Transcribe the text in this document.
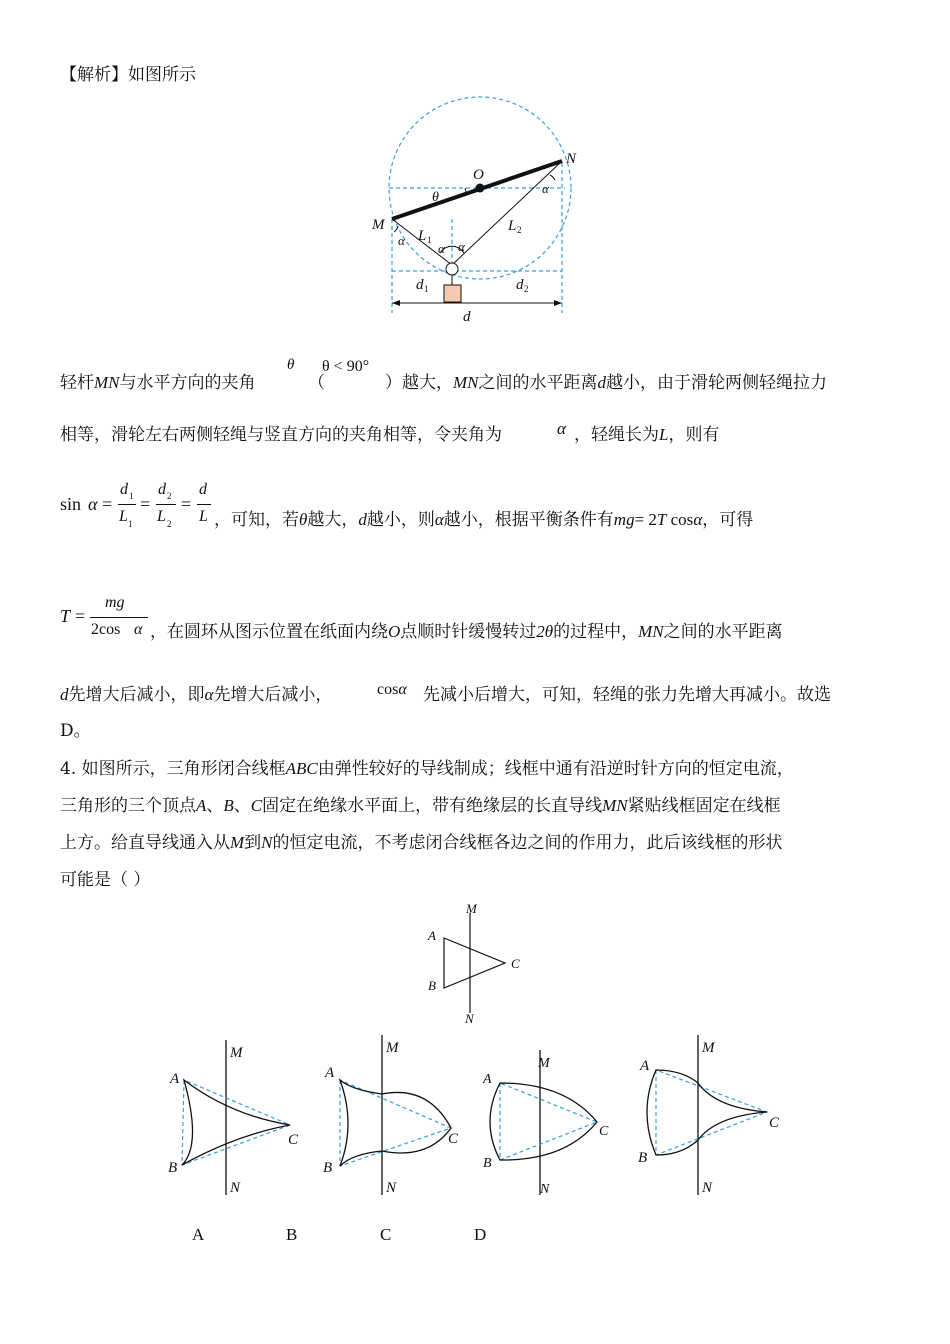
【解析】如图所示
O
N
M
θ
α
α
α α
L 1
L 2
d 1	d 2
d
轻杆MN与水平方向的夹角
θ
（
θ < 90°
）越大，MN之间的水平距离d越小，由于滑轮两侧轻绳拉力
相等，滑轮左右两侧轻绳与竖直方向的夹角相等，令夹角为	α ，轻绳长为L，则有
sin α =
d 1
L 1
=
d 2
L 2
=
d
L ，可知，若θ越大，d越小，则α越小，根据平衡条件有mg= 2T cosα，可得
T =
mg
2cos α ，在圆环从图示位置在纸面内绕O点顺时针缓慢转过2θ的过程中，MN之间的水平距离
d先增大后减小，即α先增大后减小，	cosα 先减小后增大，可知，轻绳的张力先增大再减小。故选
D。
4. 如图所示，三角形闭合线框ABC由弹性较好的导线制成；线框中通有沿逆时针方向的恒定电流，
三角形的三个顶点A、B、C固定在绝缘水平面上，带有绝缘层的长直导线MN紧贴线框固定在线框
上方。给直导线通入从M到N的恒定电流，不考虑闭合线框各边之间的作用力，此后该线框的形状
可能是（ ）
M
N
A
B
C
M
N
A
B
C
M
N
A
B
C
M
N
A
B
C
M
N
A
B
C
A	B	C	D
